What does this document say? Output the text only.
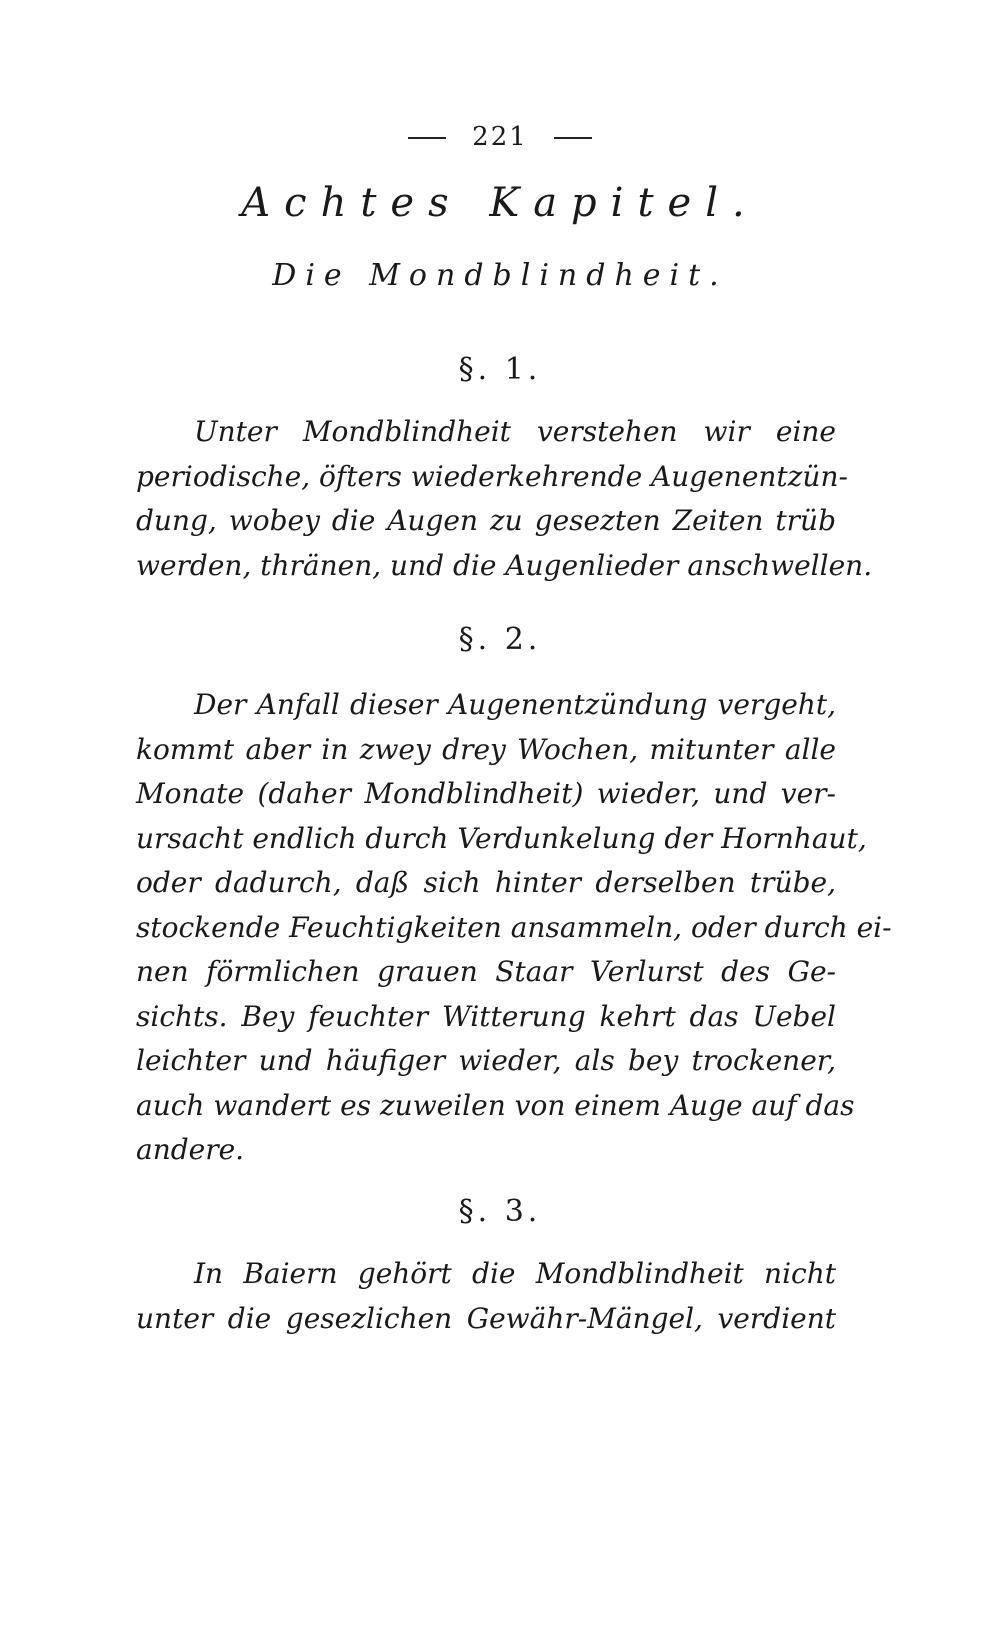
221
Achtes Kapitel.
Die Mondblindheit.
§. 1.
Unter Mondblindheit verstehen wir eine
periodische, öfters wiederkehrende Augenentzün-
dung, wobey die Augen zu gesezten Zeiten trüb
werden, thränen, und die Augenlieder anschwellen.
§. 2.
Der Anfall dieser Augenentzündung vergeht,
kommt aber in zwey drey Wochen, mitunter alle
Monate (daher Mondblindheit) wieder, und ver-
ursacht endlich durch Verdunkelung der Hornhaut,
oder dadurch, daß sich hinter derselben trübe,
stockende Feuchtigkeiten ansammeln, oder durch ei-
nen förmlichen grauen Staar Verlurst des Ge-
sichts. Bey feuchter Witterung kehrt das Uebel
leichter und häufiger wieder, als bey trockener,
auch wandert es zuweilen von einem Auge auf das
andere.
§. 3.
In Baiern gehört die Mondblindheit nicht
unter die gesezlichen Gewähr-Mängel, verdient
